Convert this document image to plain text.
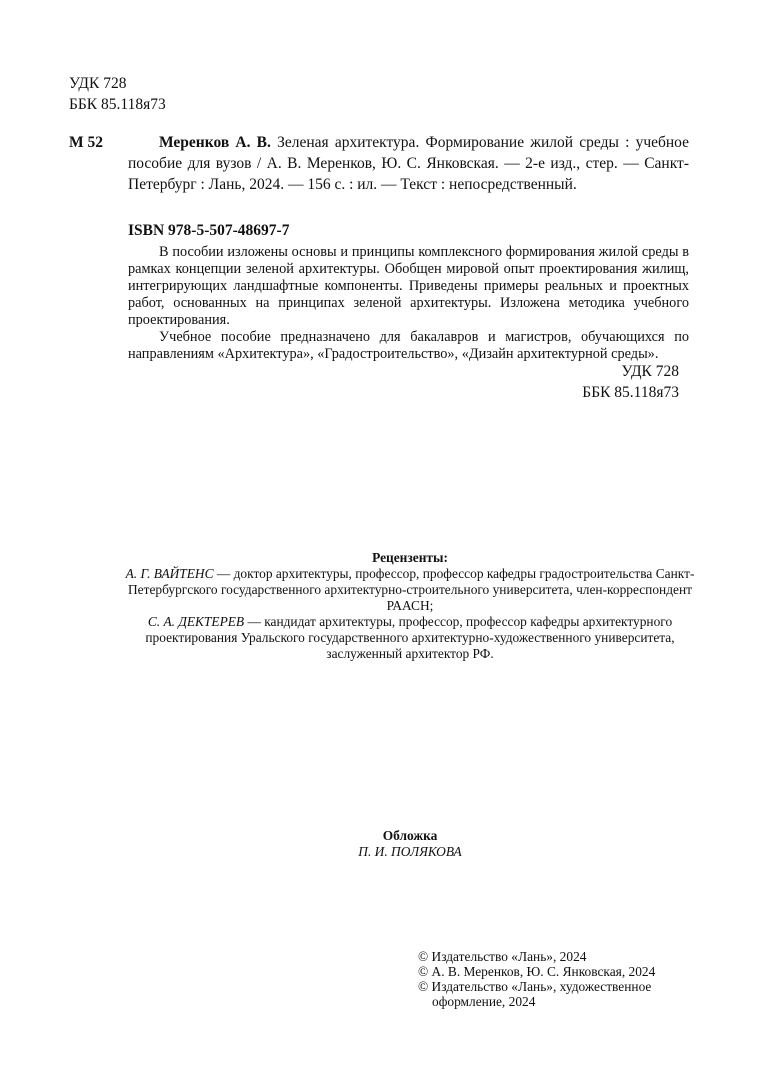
УДК 728
ББК 85.118я73
М 52	Меренков А. В. Зеленая архитектура. Формирование жилой среды : учебное пособие для вузов / А. В. Меренков, Ю. С. Янковская. — 2-е изд., стер. — Санкт-Петербург : Лань, 2024. — 156 с. : ил. — Текст : непосредственный.
ISBN 978-5-507-48697-7

В пособии изложены основы и принципы комплексного формирования жилой среды в рамках концепции зеленой архитектуры. Обобщен мировой опыт проектирования жилищ, интегрирующих ландшафтные компоненты. Приведены примеры реальных и проектных работ, основанных на принципах зеленой архитектуры. Изложена методика учебного проектирования.

Учебное пособие предназначено для бакалавров и магистров, обучающихся по направлениям «Архитектура», «Градостроительство», «Дизайн архитектурной среды».

УДК 728
ББК 85.118я73
Рецензенты:
А. Г. ВАЙТЕНС — доктор архитектуры, профессор, профессор кафедры градостроительства Санкт-Петербургского государственного архитектурно-строительного университета, член-корреспондент РААСН;
С. А. ДЕКТЕРЕВ — кандидат архитектуры, профессор, профессор кафедры архитектурного проектирования Уральского государственного архитектурно-художественного университета, заслуженный архитектор РФ.
Обложка
П. И. ПОЛЯКОВА
© Издательство «Лань», 2024
© А. В. Меренков, Ю. С. Янковская, 2024
© Издательство «Лань», художественное
оформление, 2024
